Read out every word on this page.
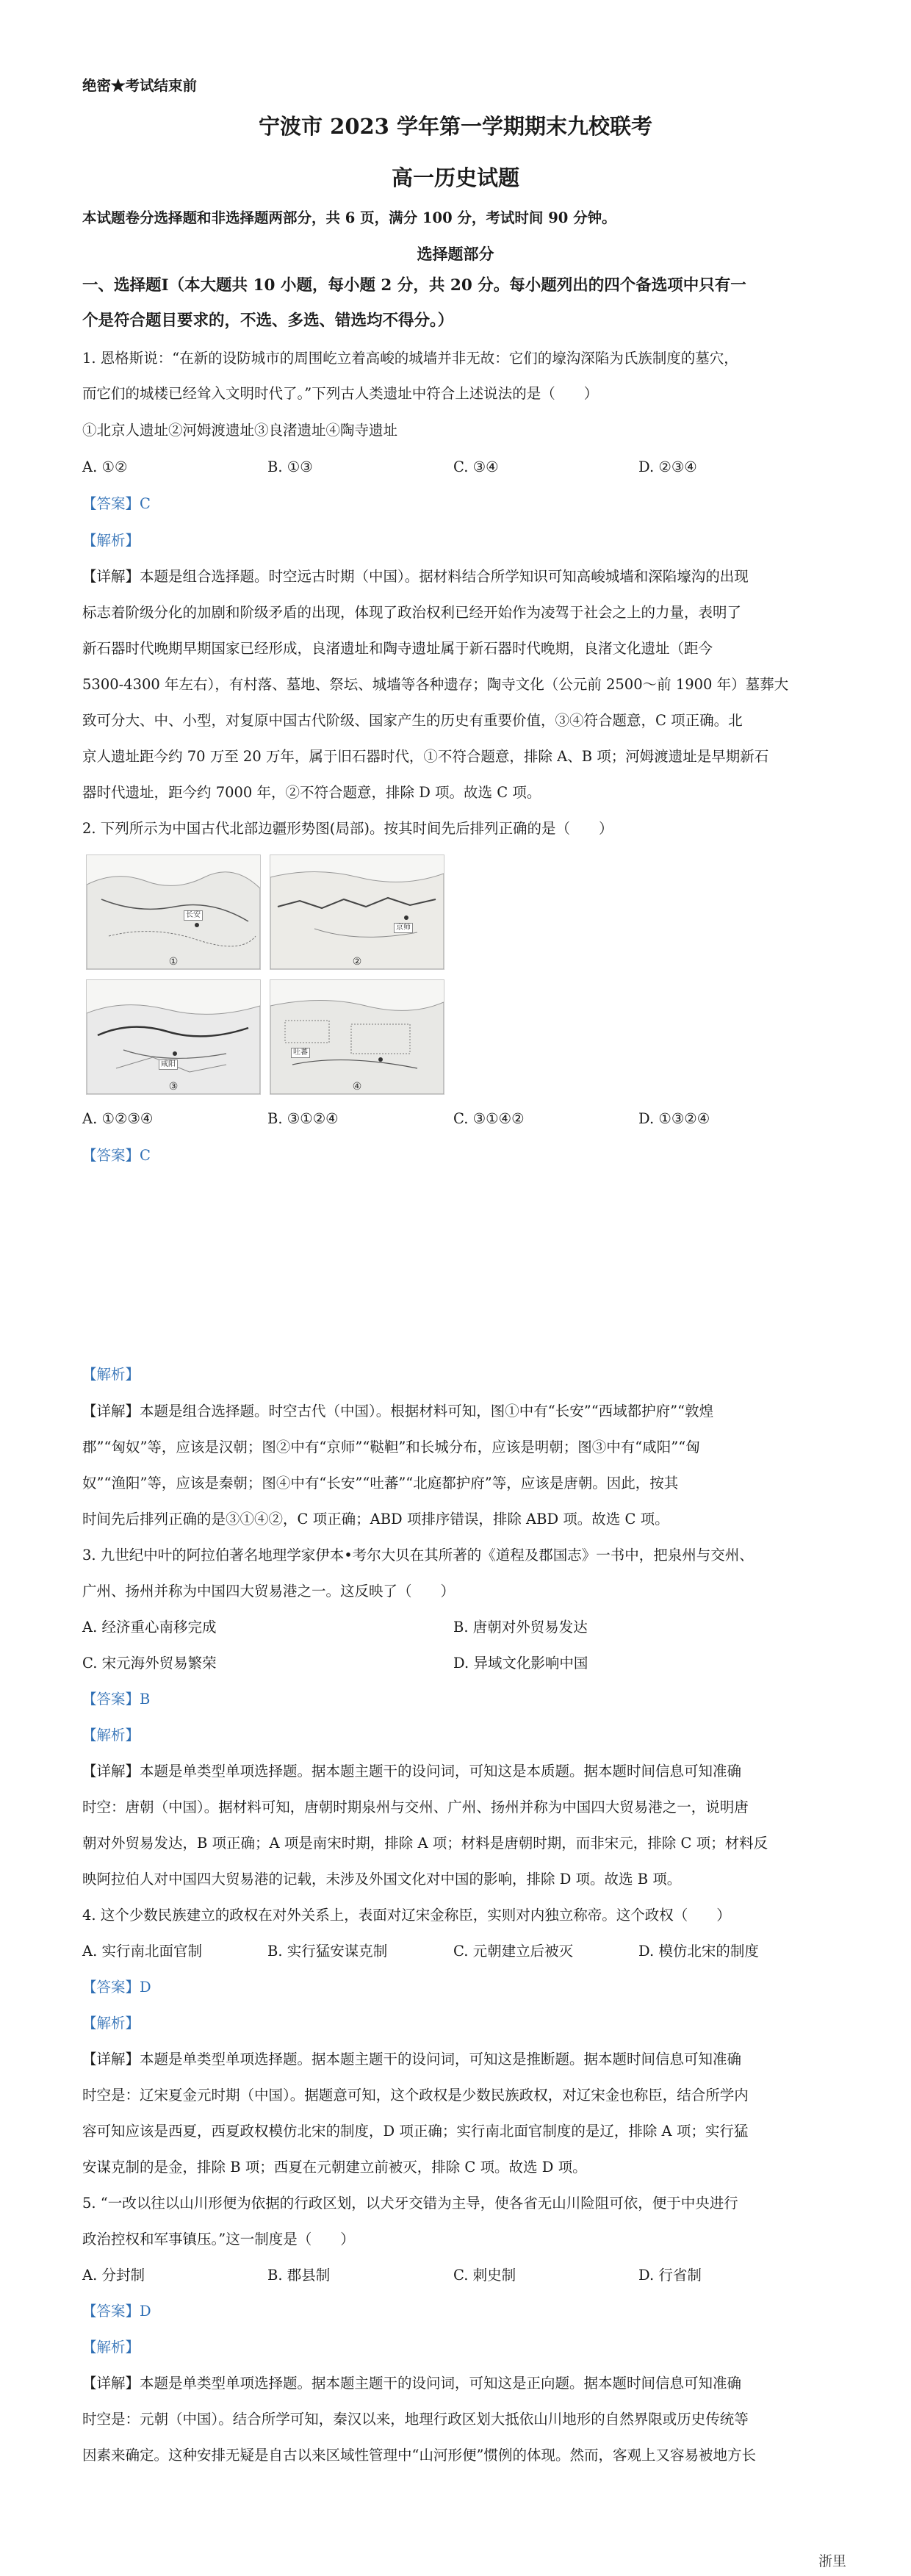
绝密★考试结束前
宁波市 2023 学年第一学期期末九校联考
高一历史试题
本试题卷分选择题和非选择题两部分，共 6 页，满分 100 分，考试时间 90 分钟。
选择题部分
一、选择题Ⅰ（本大题共 10 小题，每小题 2 分，共 20 分。每小题列出的四个备选项中只有一
个是符合题目要求的，不选、多选、错选均不得分。）
1. 恩格斯说：“在新的设防城市的周围屹立着高峻的城墙并非无故：它们的壕沟深陷为氏族制度的墓穴，
而它们的城楼已经耸入文明时代了。”下列古人类遗址中符合上述说法的是（　　）
①北京人遗址②河姆渡遗址③良渚遗址④陶寺遗址
A. ①②	B. ①③	C. ③④	D. ②③④
【答案】C
【解析】
【详解】本题是组合选择题。时空远古时期（中国）。据材料结合所学知识可知高峻城墙和深陷壕沟的出现
标志着阶级分化的加剧和阶级矛盾的出现，体现了政治权利已经开始作为凌驾于社会之上的力量，表明了
新石器时代晚期早期国家已经形成，良渚遗址和陶寺遗址属于新石器时代晚期，良渚文化遗址（距今
5300-4300 年左右），有村落、墓地、祭坛、城墙等各种遗存；陶寺文化（公元前 2500～前 1900 年）墓葬大
致可分大、中、小型，对复原中国古代阶级、国家产生的历史有重要价值，③④符合题意，C 项正确。北
京人遗址距今约 70 万至 20 万年，属于旧石器时代，①不符合题意，排除 A、B 项；河姆渡遗址是早期新石
器时代遗址，距今约 7000 年，②不符合题意，排除 D 项。故选 C 项。
2. 下列所示为中国古代北部边疆形势图(局部)。按其时间先后排列正确的是（　　）
长安
①
京师
②
咸阳
③
吐蕃
④
A. ①②③④	B. ③①②④	C. ③①④②	D. ①③②④
【答案】C
【解析】
【详解】本题是组合选择题。时空古代（中国）。根据材料可知，图①中有“长安”“西域都护府”“敦煌
郡”“匈奴”等，应该是汉朝；图②中有“京师”“鞑靼”和长城分布，应该是明朝；图③中有“咸阳”“匈
奴”“渔阳”等，应该是秦朝；图④中有“长安”“吐蕃”“北庭都护府”等，应该是唐朝。因此，按其
时间先后排列正确的是③①④②，C 项正确；ABD 项排序错误，排除 ABD 项。故选 C 项。
3. 九世纪中叶的阿拉伯著名地理学家伊本•考尔大贝在其所著的《道程及郡国志》一书中，把泉州与交州、
广州、扬州并称为中国四大贸易港之一。这反映了（　　）
A. 经济重心南移完成	B. 唐朝对外贸易发达
C. 宋元海外贸易繁荣	D. 异域文化影响中国
【答案】B
【解析】
【详解】本题是单类型单项选择题。据本题主题干的设问词，可知这是本质题。据本题时间信息可知准确
时空：唐朝（中国）。据材料可知，唐朝时期泉州与交州、广州、扬州并称为中国四大贸易港之一，说明唐
朝对外贸易发达，B 项正确；A 项是南宋时期，排除 A 项；材料是唐朝时期，而非宋元，排除 C 项；材料反
映阿拉伯人对中国四大贸易港的记载，未涉及外国文化对中国的影响，排除 D 项。故选 B 项。
4. 这个少数民族建立的政权在对外关系上，表面对辽宋金称臣，实则对内独立称帝。这个政权（　　）
A. 实行南北面官制	B. 实行猛安谋克制	C. 元朝建立后被灭	D. 模仿北宋的制度
【答案】D
【解析】
【详解】本题是单类型单项选择题。据本题主题干的设问词，可知这是推断题。据本题时间信息可知准确
时空是：辽宋夏金元时期（中国）。据题意可知，这个政权是少数民族政权，对辽宋金也称臣，结合所学内
容可知应该是西夏，西夏政权模仿北宋的制度，D 项正确；实行南北面官制度的是辽，排除 A 项；实行猛
安谋克制的是金，排除 B 项；西夏在元朝建立前被灭，排除 C 项。故选 D 项。
5. “一改以往以山川形便为依据的行政区划，以犬牙交错为主导，使各省无山川险阻可依，便于中央进行
政治控权和军事镇压。”这一制度是（　　）
A. 分封制	B. 郡县制	C. 刺史制	D. 行省制
【答案】D
【解析】
【详解】本题是单类型单项选择题。据本题主题干的设问词，可知这是正向题。据本题时间信息可知准确
时空是：元朝（中国）。结合所学可知，秦汉以来，地理行政区划大抵依山川地形的自然界限或历史传统等
因素来确定。这种安排无疑是自古以来区域性管理中“山河形便”惯例的体现。然而，客观上又容易被地方长
浙里
